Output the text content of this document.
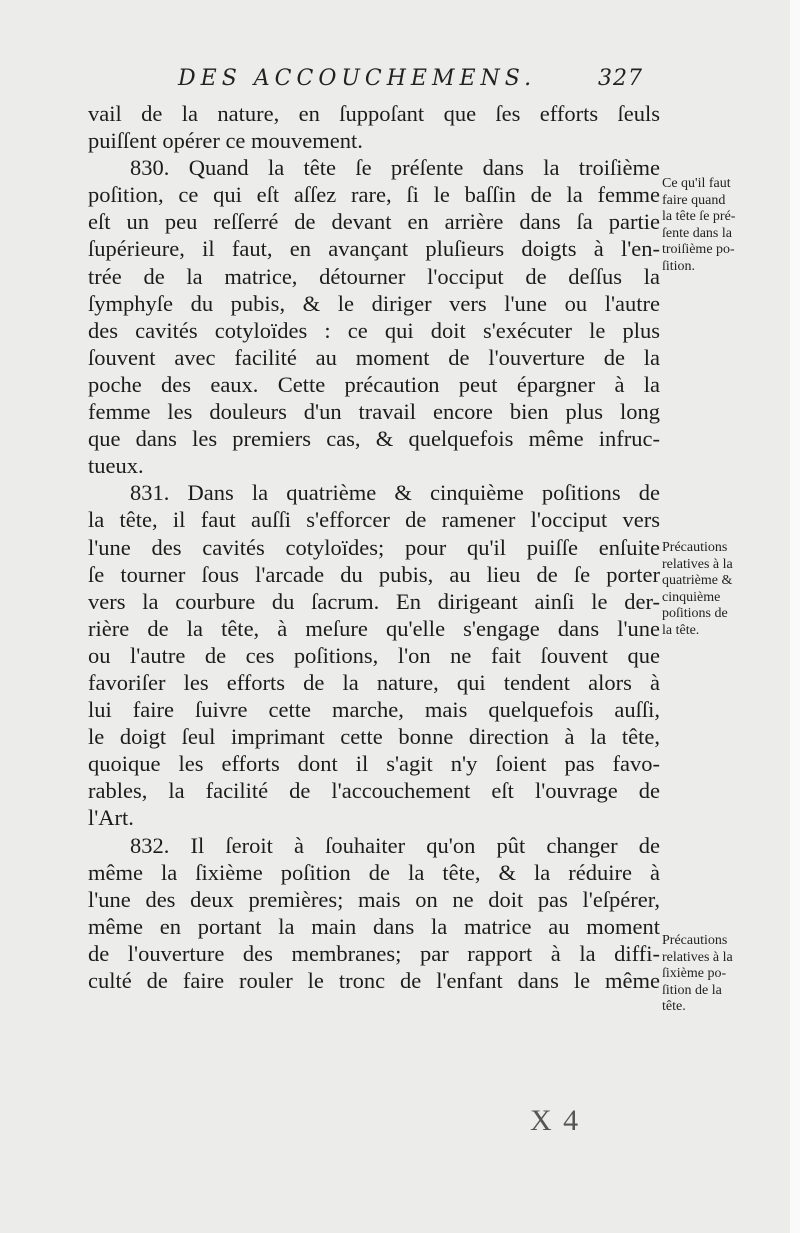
DES ACCOUCHEMENS.	327
vail de la nature, en ſuppoſant que ſes efforts ſeuls
puiſſent opérer ce mouvement.
830. Quand la tête ſe préſente dans la troiſième
poſition, ce qui eſt aſſez rare, ſi le baſſin de la femme
eſt un peu reſſerré de devant en arrière dans ſa partie
ſupérieure, il faut, en avançant pluſieurs doigts à l'en-
trée de la matrice, détourner l'occiput de deſſus la
ſymphyſe du pubis, & le diriger vers l'une ou l'autre
des cavités cotyloïdes : ce qui doit s'exécuter le plus
ſouvent avec facilité au moment de l'ouverture de la
poche des eaux. Cette précaution peut épargner à la
femme les douleurs d'un travail encore bien plus long
que dans les premiers cas, & quelquefois même infruc-
tueux.
831. Dans la quatrième & cinquième poſitions de
la tête, il faut auſſi s'efforcer de ramener l'occiput vers
l'une des cavités cotyloïdes; pour qu'il puiſſe enſuite
ſe tourner ſous l'arcade du pubis, au lieu de ſe porter
vers la courbure du ſacrum. En dirigeant ainſi le der-
rière de la tête, à meſure qu'elle s'engage dans l'une
ou l'autre de ces poſitions, l'on ne fait ſouvent que
favoriſer les efforts de la nature, qui tendent alors à
lui faire ſuivre cette marche, mais quelquefois auſſi,
le doigt ſeul imprimant cette bonne direction à la tête,
quoique les efforts dont il s'agit n'y ſoient pas favo-
rables, la facilité de l'accouchement eſt l'ouvrage de
l'Art.
832. Il ſeroit à ſouhaiter qu'on pût changer de
même la ſixième poſition de la tête, & la réduire à
l'une des deux premières; mais on ne doit pas l'eſpérer,
même en portant la main dans la matrice au moment
de l'ouverture des membranes; par rapport à la diffi-
culté de faire rouler le tronc de l'enfant dans le même
Ce qu'il faut
faire quand
la tête ſe pré-
ſente dans la
troiſième po-
ſition.
Précautions
relatives à la
quatrième &
cinquième
poſitions de
la tête.
Précautions
relatives à la
ſixième po-
ſition de la
tête.
X 4
